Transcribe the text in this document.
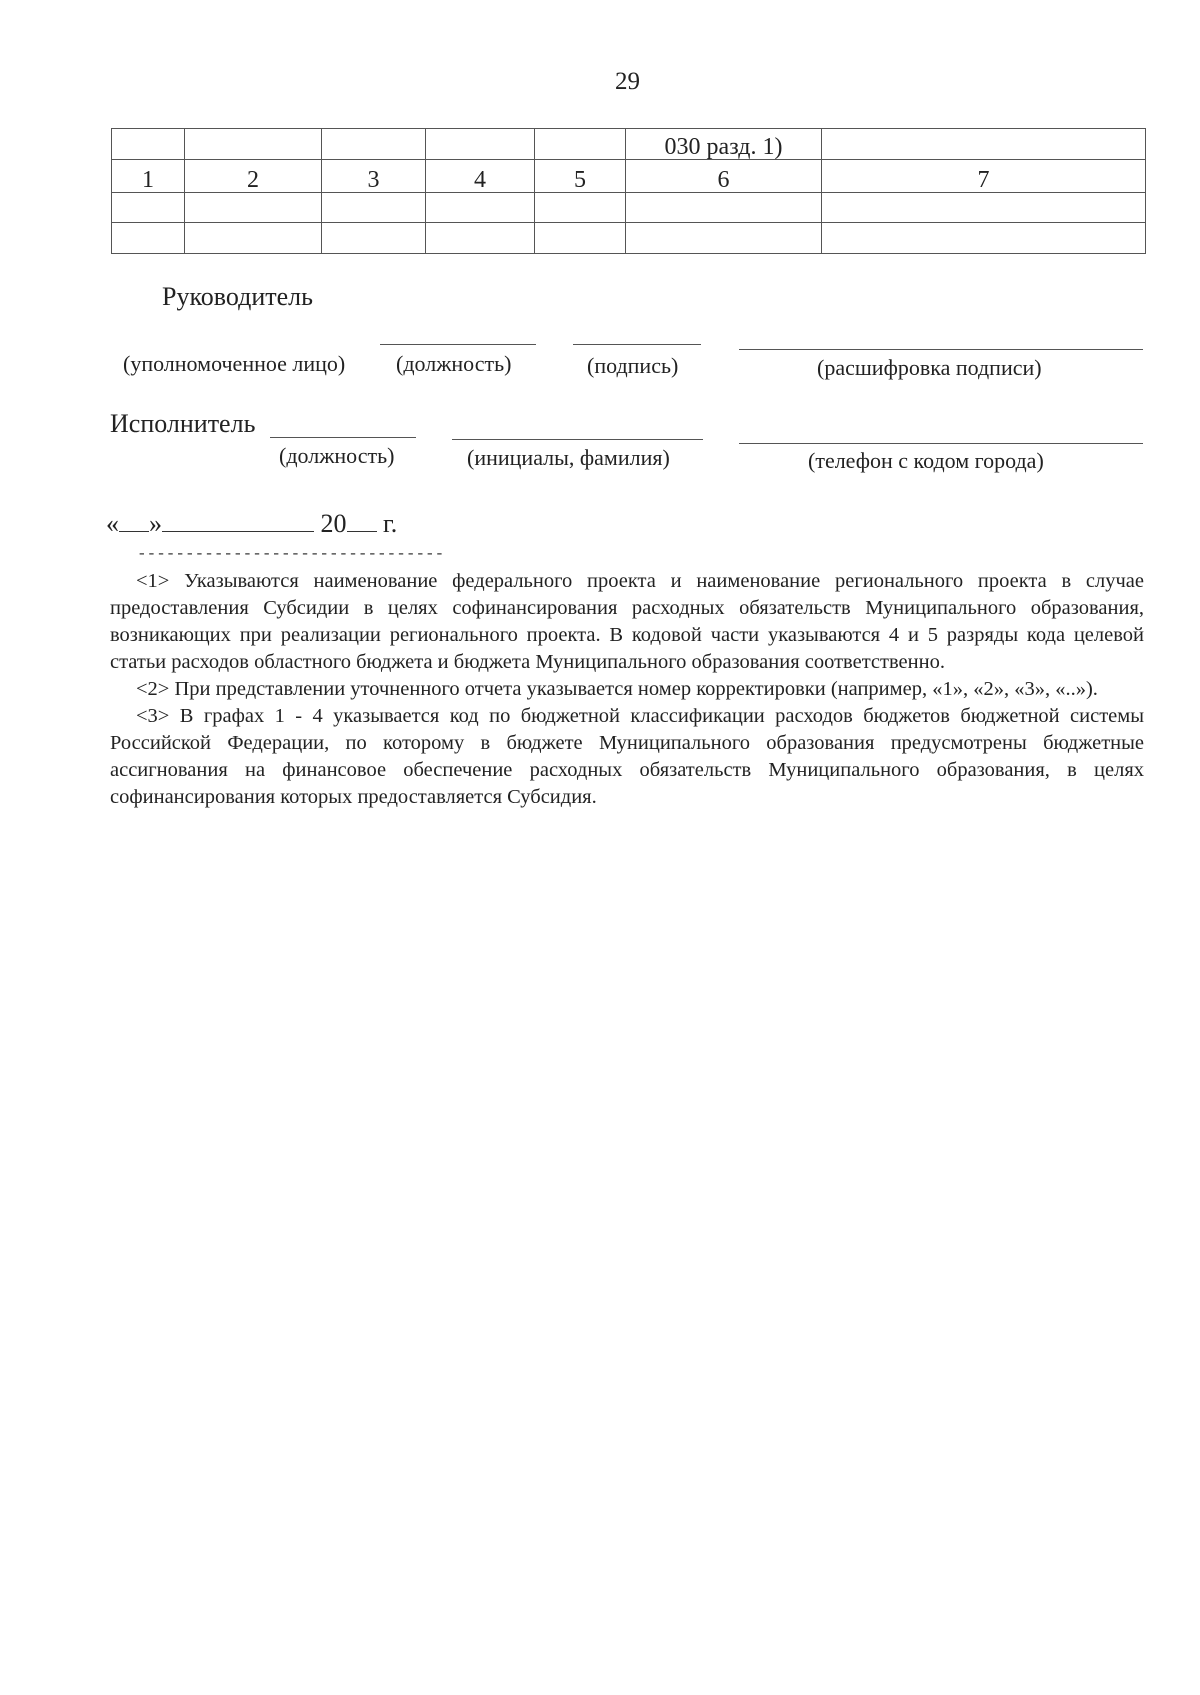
29
					030 разд. 1)	
1	2	3	4	5	6	7

Руководитель
(уполномоченное лицо) (должность)	(подпись)	(расшифровка подписи)
Исполнитель
(должность)	(инициалы, фамилия)	(телефон с кодом города)
« »	20 г.
--------------------------------

<1> Указываются наименование федерального проекта и наименование регионального проекта в случае предоставления Субсидии в целях софинансирования расходных обязательств Муниципального образования, возникающих при реализации регионального проекта. В кодовой части указываются 4 и 5 разряды кода целевой статьи расходов областного бюджета и бюджета Муниципального образования соответственно.

<2> При представлении уточненного отчета указывается номер корректировки (например, «1», «2», «3», «..»).

<3> В графах 1 - 4 указывается код по бюджетной классификации расходов бюджетов бюджетной системы Российской Федерации, по которому в бюджете Муниципального образования предусмотрены бюджетные ассигнования на финансовое обеспечение расходных обязательств Муниципального образования, в целях софинансирования которых предоставляется Субсидия.
